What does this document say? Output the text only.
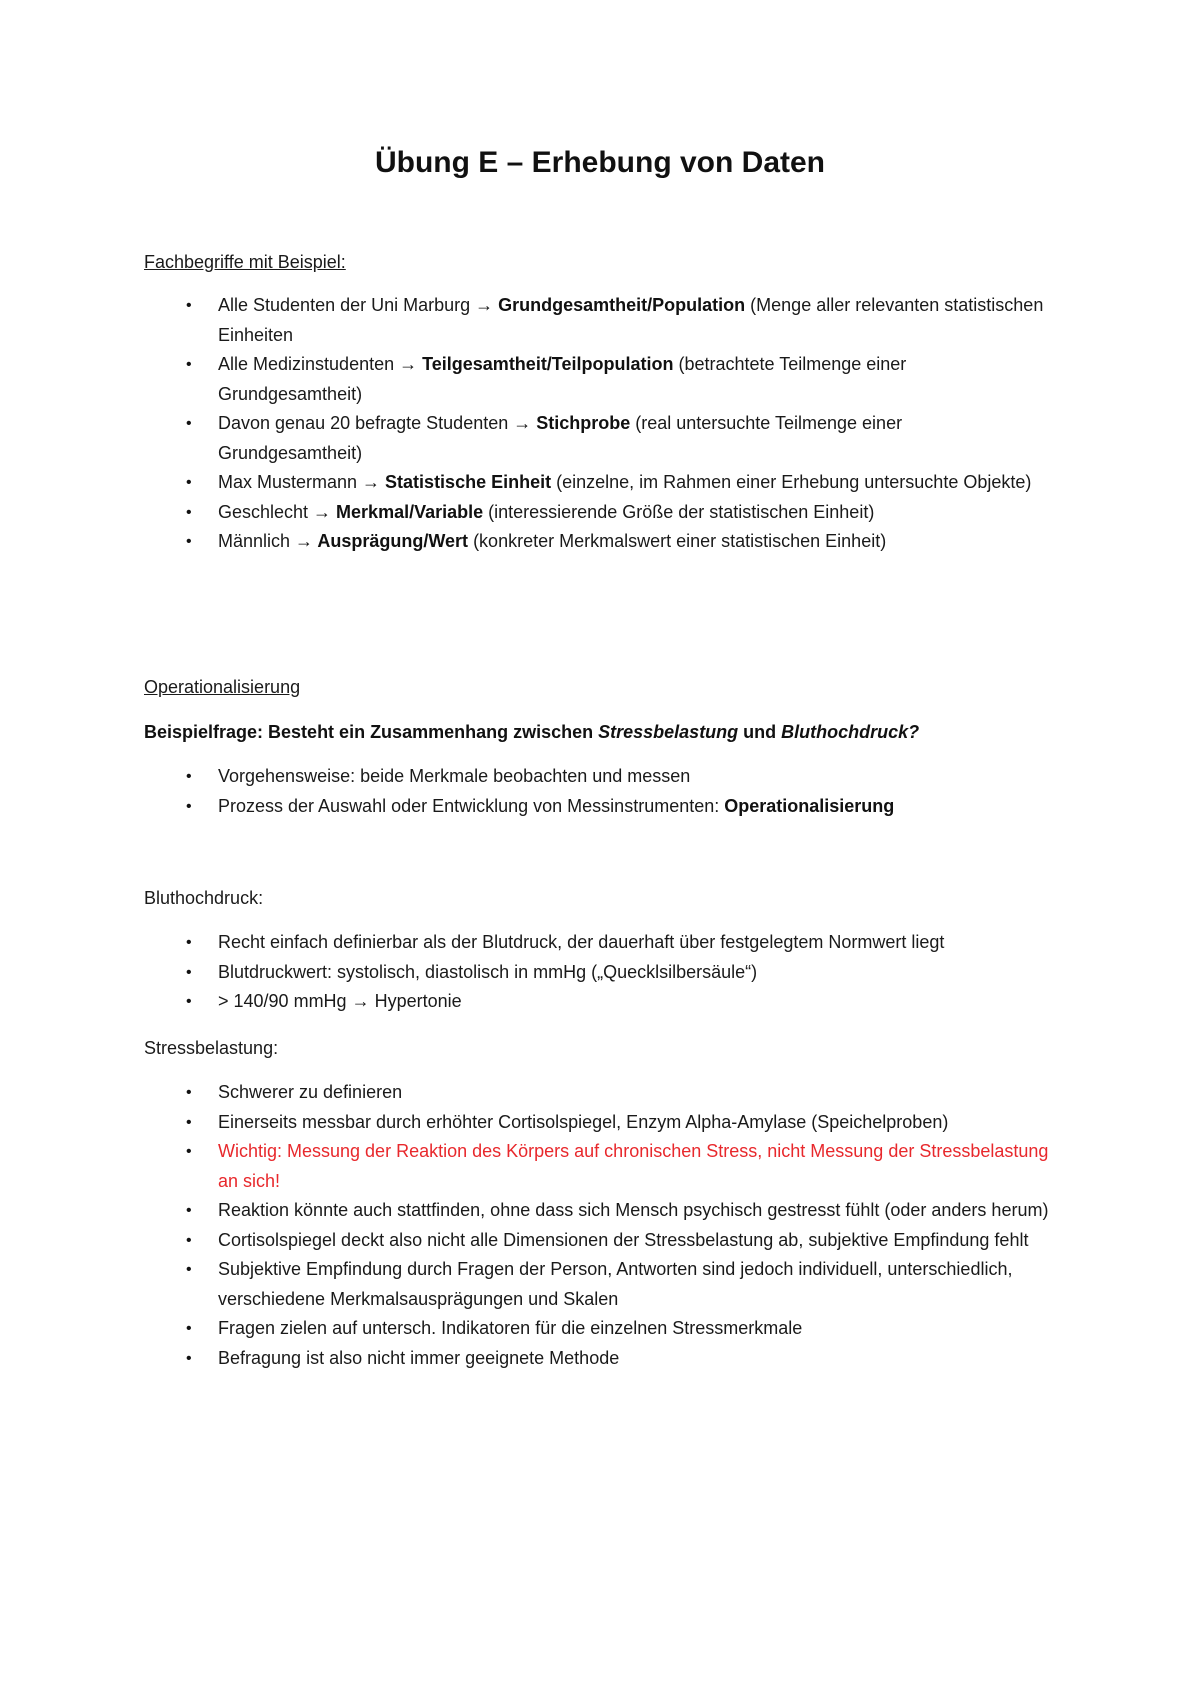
Übung E – Erhebung von Daten
Fachbegriffe mit Beispiel:
• Alle Studenten der Uni Marburg → Grundgesamtheit/Population (Menge aller relevanten statistischen Einheiten
• Alle Medizinstudenten → Teilgesamtheit/Teilpopulation (betrachtete Teilmenge einer Grundgesamtheit)
• Davon genau 20 befragte Studenten → Stichprobe (real untersuchte Teilmenge einer Grundgesamtheit)
• Max Mustermann → Statistische Einheit (einzelne, im Rahmen einer Erhebung untersuchte Objekte)
• Geschlecht → Merkmal/Variable (interessierende Größe der statistischen Einheit)
• Männlich → Ausprägung/Wert (konkreter Merkmalswert einer statistischen Einheit)
Operationalisierung
Beispielfrage: Besteht ein Zusammenhang zwischen Stressbelastung und Bluthochdruck?
• Vorgehensweise: beide Merkmale beobachten und messen
• Prozess der Auswahl oder Entwicklung von Messinstrumenten: Operationalisierung
Bluthochdruck:
• Recht einfach definierbar als der Blutdruck, der dauerhaft über festgelegtem Normwert liegt
• Blutdruckwert: systolisch, diastolisch in mmHg („Quecklsilbersäule“)
• > 140/90 mmHg → Hypertonie
Stressbelastung:
• Schwerer zu definieren
• Einerseits messbar durch erhöhter Cortisolspiegel, Enzym Alpha-Amylase (Speichelproben)
• Wichtig: Messung der Reaktion des Körpers auf chronischen Stress, nicht Messung der Stressbelastung an sich!
• Reaktion könnte auch stattfinden, ohne dass sich Mensch psychisch gestresst fühlt (oder anders herum)
• Cortisolspiegel deckt also nicht alle Dimensionen der Stressbelastung ab, subjektive Empfindung fehlt
• Subjektive Empfindung durch Fragen der Person, Antworten sind jedoch individuell, unterschiedlich, verschiedene Merkmalsausprägungen und Skalen
• Fragen zielen auf untersch. Indikatoren für die einzelnen Stressmerkmale
• Befragung ist also nicht immer geeignete Methode
